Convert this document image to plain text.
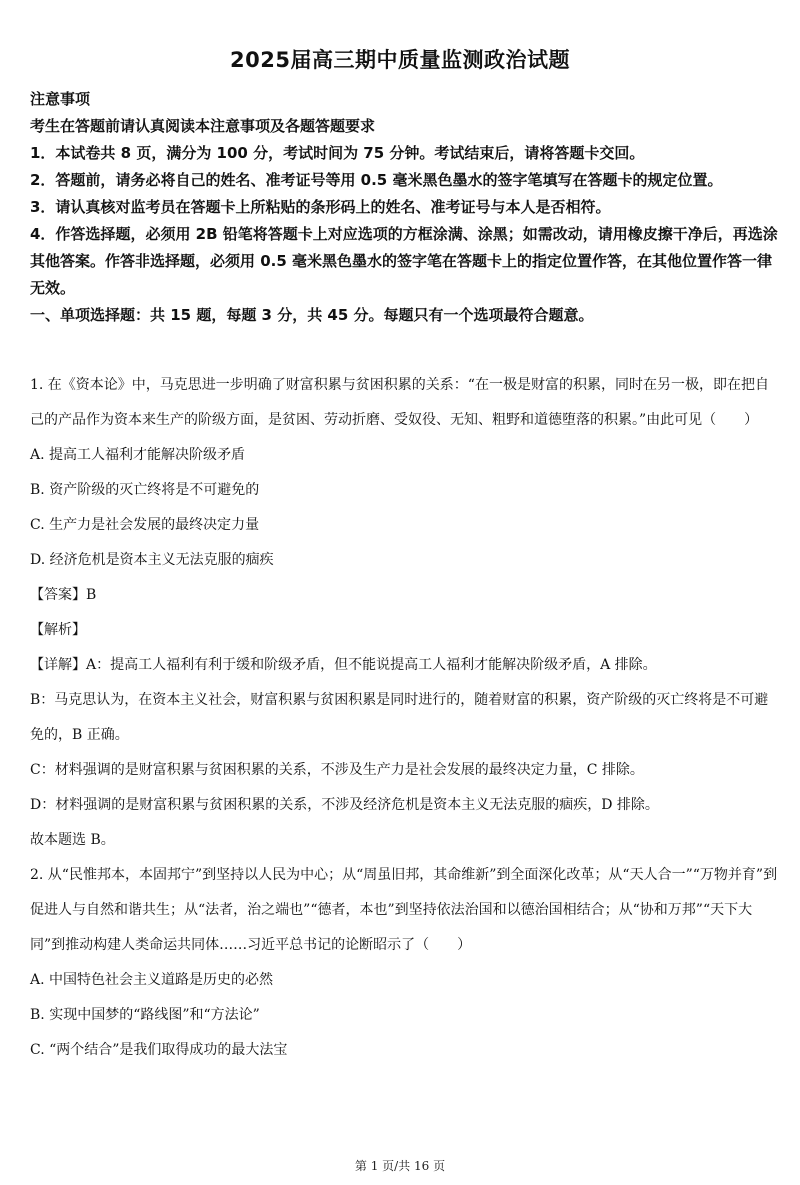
2025届高三期中质量监测政治试题

注意事项

考生在答题前请认真阅读本注意事项及各题答题要求

1．本试卷共 8 页，满分为 100 分，考试时间为 75 分钟。考试结束后，请将答题卡交回。

2．答题前，请务必将自己的姓名、准考证号等用 0.5 毫米黑色墨水的签字笔填写在答题卡的规定位置。

3．请认真核对监考员在答题卡上所粘贴的条形码上的姓名、准考证号与本人是否相符。

4．作答选择题，必须用 2B 铅笔将答题卡上对应选项的方框涂满、涂黑；如需改动，请用橡皮擦干净后，再选涂其他答案。作答非选择题，必须用 0.5 毫米黑色墨水的签字笔在答题卡上的指定位置作答，在其他位置作答一律无效。

一、单项选择题：共 15 题，每题 3 分，共 45 分。每题只有一个选项最符合题意。

1. 在《资本论》中，马克思进一步明确了财富积累与贫困积累的关系：“在一极是财富的积累，同时在另一极，即在把自己的产品作为资本来生产的阶级方面，是贫困、劳动折磨、受奴役、无知、粗野和道德堕落的积累。”由此可见（　　）

A. 提高工人福利才能解决阶级矛盾

B. 资产阶级的灭亡终将是不可避免的

C. 生产力是社会发展的最终决定力量

D. 经济危机是资本主义无法克服的痼疾

【答案】B

【解析】

【详解】A：提高工人福利有利于缓和阶级矛盾，但不能说提高工人福利才能解决阶级矛盾，A 排除。

B：马克思认为，在资本主义社会，财富积累与贫困积累是同时进行的，随着财富的积累，资产阶级的灭亡终将是不可避免的，B 正确。

C：材料强调的是财富积累与贫困积累的关系，不涉及生产力是社会发展的最终决定力量，C 排除。

D：材料强调的是财富积累与贫困积累的关系，不涉及经济危机是资本主义无法克服的痼疾，D 排除。

故本题选 B。

2. 从“民惟邦本，本固邦宁”到坚持以人民为中心；从“周虽旧邦，其命维新”到全面深化改革；从“天人合一”“万物并育”到促进人与自然和谐共生；从“法者，治之端也”“德者，本也”到坚持依法治国和以德治国相结合；从“协和万邦”“天下大同”到推动构建人类命运共同体……习近平总书记的论断昭示了（　　）

A. 中国特色社会主义道路是历史的必然

B. 实现中国梦的“路线图”和“方法论”

C. “两个结合”是我们取得成功的最大法宝

第 1 页/共 16 页
